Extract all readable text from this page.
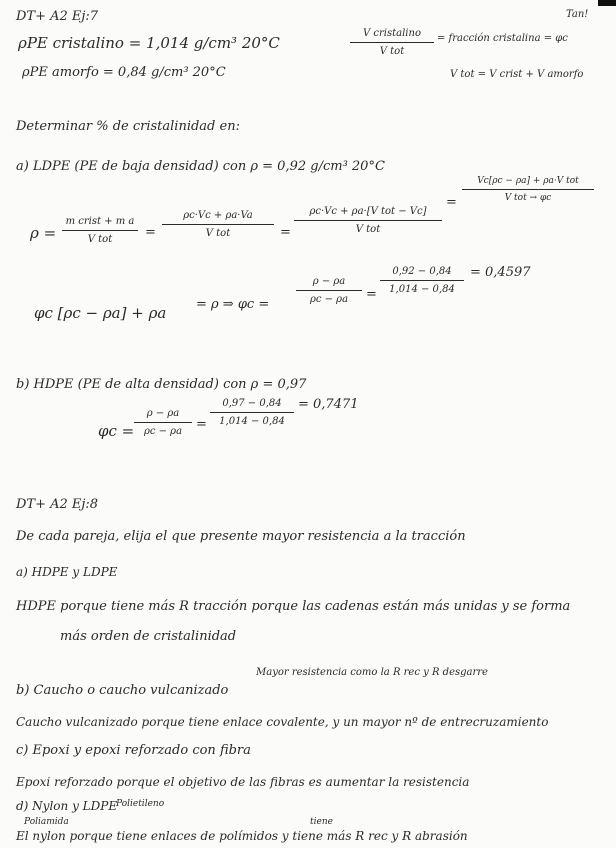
Tan!
DT+ A2 Ej:7
ρPE cristalino = 1,014 g/cm³ 20°C
ρPE amorfo = 0,84 g/cm³ 20°C
V cristalino
V tot
= fracción cristalina = φc
V tot = V crist + V amorfo
Determinar % de cristalinidad en:
a) LDPE (PE de baja densidad) con ρ = 0,92 g/cm³ 20°C
ρ =
m crist + m a
V tot	=
ρc·Vc + ρa·Va
V tot	=
ρc·Vc + ρa·[V tot − Vc]
V tot
=
Vc[ρc − ρa] + ρa·V tot
V tot → φc
φc [ρc − ρa] + ρa = ρ ⇒ φc =
ρ − ρa
ρc − ρa	=
0,92 − 0,84
1,014 − 0,84
= 0,4597
b) HDPE (PE de alta densidad) con ρ = 0,97
φc =
ρ − ρa
ρc − ρa	=
0,97 − 0,84
1,014 − 0,84
= 0,7471
DT+ A2 Ej:8
De cada pareja, elija el que presente mayor resistencia a la tracción
a) HDPE y LDPE
HDPE porque tiene más R tracción porque las cadenas están más unidas y se forma
más orden de cristalinidad
b) Caucho o caucho vulcanizado
Mayor resistencia como la R rec y R desgarre
Caucho vulcanizado porque tiene enlace covalente, y un mayor nº de entrecruzamiento
c) Epoxi y epoxi reforzado con fibra
Epoxi reforzado porque el objetivo de las fibras es aumentar la resistencia
d) Nylon y LDPE
Poliamida
Polietileno
tiene
El nylon porque tiene enlaces de polímidos y tiene más R rec y R abrasión
